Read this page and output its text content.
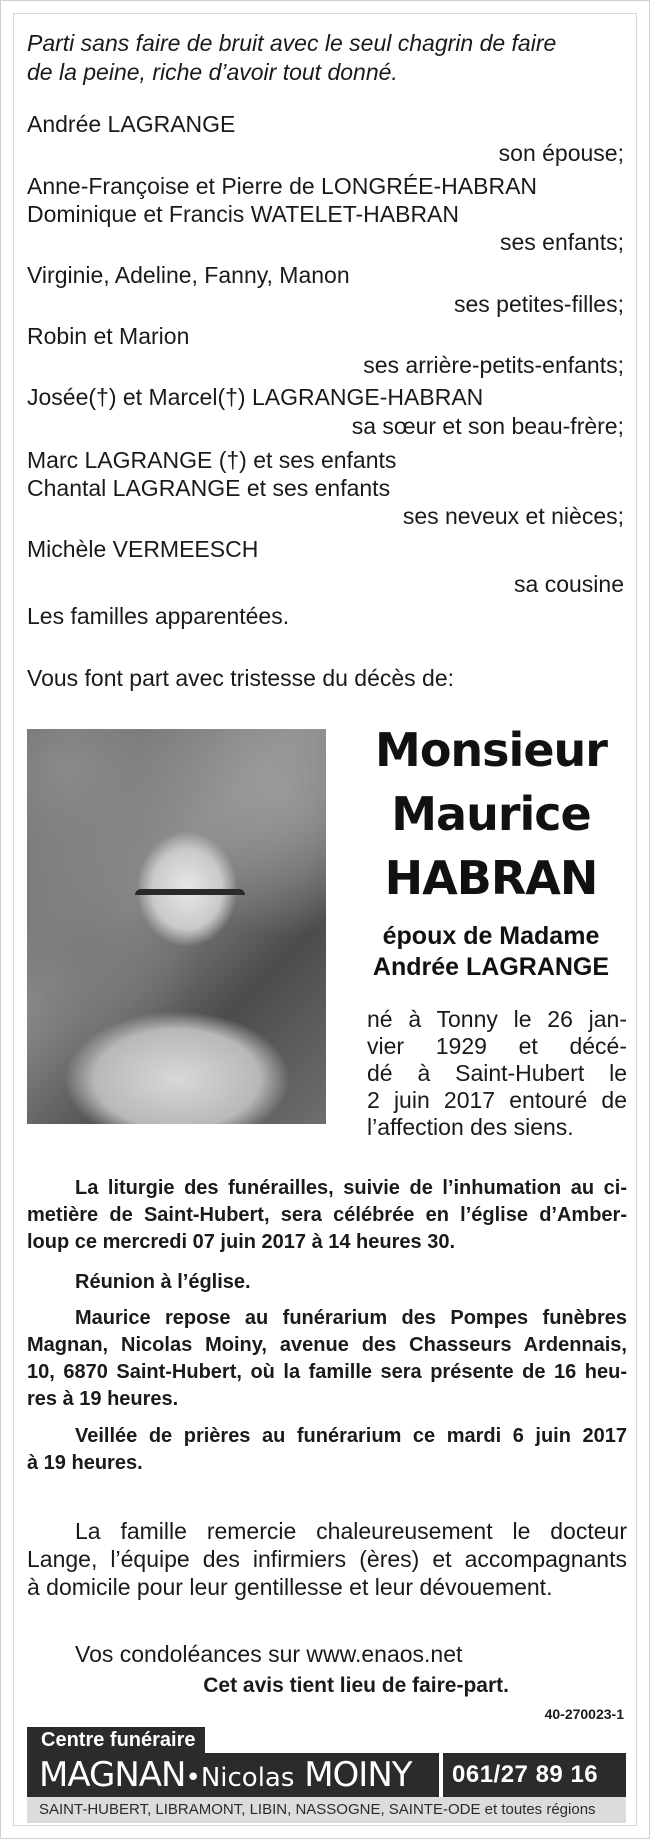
Parti sans faire de bruit avec le seul chagrin de faire
de la peine, riche d’avoir tout donné.
Andrée LAGRANGE
son épouse;
Anne-Françoise et Pierre de LONGRÉE-HABRAN
Dominique et Francis WATELET-HABRAN
ses enfants;
Virginie, Adeline, Fanny, Manon
ses petites-filles;
Robin et Marion
ses arrière-petits-enfants;
Josée(†) et Marcel(†) LAGRANGE-HABRAN
sa sœur et son beau-frère;
Marc LAGRANGE (†) et ses enfants
Chantal LAGRANGE et ses enfants
ses neveux et nièces;
Michèle VERMEESCH
sa cousine
Les familles apparentées.
Vous font part avec tristesse du décès de:
Monsieur
Maurice
HABRAN
époux de Madame
Andrée LAGRANGE
né à Tonny le 26 jan-
vier 1929 et décé-
dé à Saint-Hubert le
2 juin 2017 entouré de
l’affection des siens.
La liturgie des funérailles, suivie de l’inhumation au ci-
metière de Saint-Hubert, sera célébrée en l’église d’Amber-
loup ce mercredi 07 juin 2017 à 14 heures 30.
Réunion à l’église.
Maurice repose au funérarium des Pompes funèbres
Magnan, Nicolas Moiny, avenue des Chasseurs Ardennais,
10, 6870 Saint-Hubert, où la famille sera présente de 16 heu-
res à 19 heures.
Veillée de prières au funérarium ce mardi 6 juin 2017
à 19 heures.
La famille remercie chaleureusement le docteur
Lange, l’équipe des infirmiers (ères) et accompagnants
à domicile pour leur gentillesse et leur dévouement.
Vos condoléances sur www.enaos.net
Cet avis tient lieu de faire-part.
40-270023-1
Centre funéraire
MAGNAN•Nicolas MOINY 061/27 89 16
SAINT-HUBERT, LIBRAMONT, LIBIN, NASSOGNE, SAINTE-ODE et toutes régions
